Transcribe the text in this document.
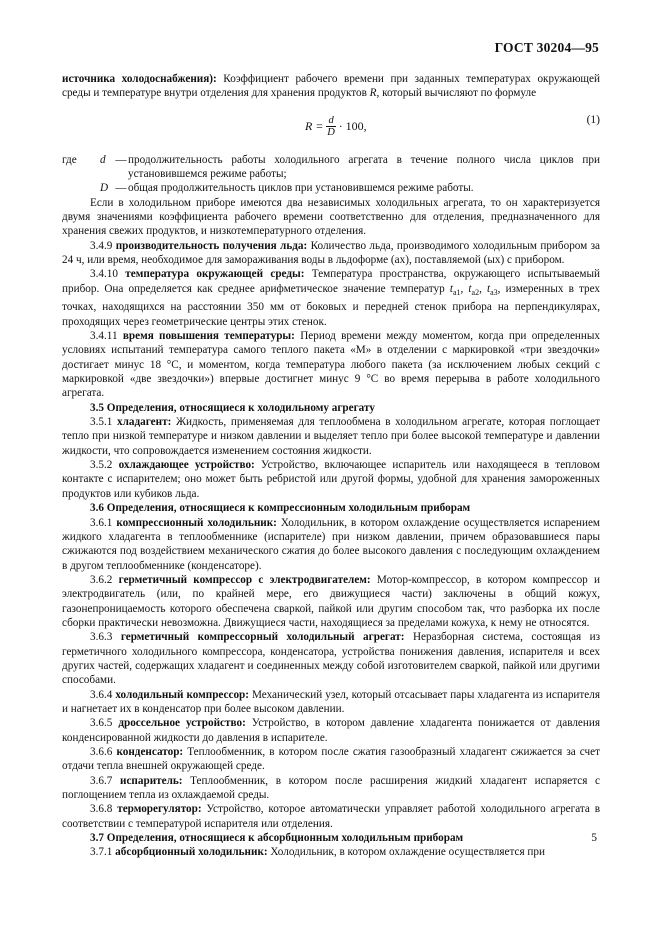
ГОСТ 30204—95

источника холодоснабжения): Коэффициент рабочего времени при заданных температурах окружающей среды и температуре внутри отделения для хранения продуктов R, который вычисляют по формуле

$R = \frac{d}{D} \cdot 100$,	(1)
где	d — продолжительность работы холодильного агрегата в течение полного числа циклов при установившемся режиме работы;
D — общая продолжительность циклов при установившемся режиме работы.

Если в холодильном приборе имеются два независимых холодильных агрегата, то он характеризуется двумя значениями коэффициента рабочего времени соответственно для отделения, предназначенного для хранения свежих продуктов, и низкотемпературного отделения.

3.4.9 производительность получения льда: Количество льда, производимого холодильным прибором за 24 ч, или время, необходимое для замораживания воды в льдоформе (ах), поставляемой (ых) с прибором.

3.4.10 температура окружающей среды: Температура пространства, окружающего испытываемый прибор. Она определяется как среднее арифметическое значение температур $t_{a1}$, $t_{a2}$, $t_{a3}$, измеренных в трех точках, находящихся на расстоянии 350 мм от боковых и передней стенок прибора на перпендикулярах, проходящих через геометрические центры этих стенок.

3.4.11 время повышения температуры: Период времени между моментом, когда при определенных условиях испытаний температура самого теплого пакета «М» в отделении с маркировкой «три звездочки» достигает минус 18 °С, и моментом, когда температура любого пакета (за исключением любых секций с маркировкой «две звездочки») впервые достигнет минус 9 °С во время перерыва в работе холодильного агрегата.

3.5 Определения, относящиеся к холодильному агрегату

3.5.1 хладагент: Жидкость, применяемая для теплообмена в холодильном агрегате, которая поглощает тепло при низкой температуре и низком давлении и выделяет тепло при более высокой температуре и давлении жидкости, что сопровождается изменением состояния жидкости.

3.5.2 охлаждающее устройство: Устройство, включающее испаритель или находящееся в тепловом контакте с испарителем; оно может быть ребристой или другой формы, удобной для хранения замороженных продуктов или кубиков льда.

3.6 Определения, относящиеся к компрессионным холодильным приборам

3.6.1 компрессионный холодильник: Холодильник, в котором охлаждение осуществляется испарением жидкого хладагента в теплообменнике (испарителе) при низком давлении, причем образовавшиеся пары сжижаются под воздействием механического сжатия до более высокого давления с последующим охлаждением в другом теплообменнике (конденсаторе).

3.6.2 герметичный компрессор с электродвигателем: Мотор-компрессор, в котором компрессор и электродвигатель (или, по крайней мере, его движущиеся части) заключены в общий кожух, газонепроницаемость которого обеспечена сваркой, пайкой или другим способом так, что разборка их после сборки практически невозможна. Движущиеся части, находящиеся за пределами кожуха, к нему не относятся.

3.6.3 герметичный компрессорный холодильный агрегат: Неразборная система, состоящая из герметичного холодильного компрессора, конденсатора, устройства понижения давления, испарителя и всех других частей, содержащих хладагент и соединенных между собой изготовителем сваркой, пайкой или другими способами.

3.6.4 холодильный компрессор: Механический узел, который отсасывает пары хладагента из испарителя и нагнетает их в конденсатор при более высоком давлении.

3.6.5 дроссельное устройство: Устройство, в котором давление хладагента понижается от давления конденсированной жидкости до давления в испарителе.

3.6.6 конденсатор: Теплообменник, в котором после сжатия газообразный хладагент сжижается за счет отдачи тепла внешней окружающей среде.

3.6.7 испаритель: Теплообменник, в котором после расширения жидкий хладагент испаряется с поглощением тепла из охлаждаемой среды.

3.6.8 терморегулятор: Устройство, которое автоматически управляет работой холодильного агрегата в соответствии с температурой испарителя или отделения.

3.7 Определения, относящиеся к абсорбционным холодильным приборам

3.7.1 абсорбционный холодильник: Холодильник, в котором охлаждение осуществляется при

5
